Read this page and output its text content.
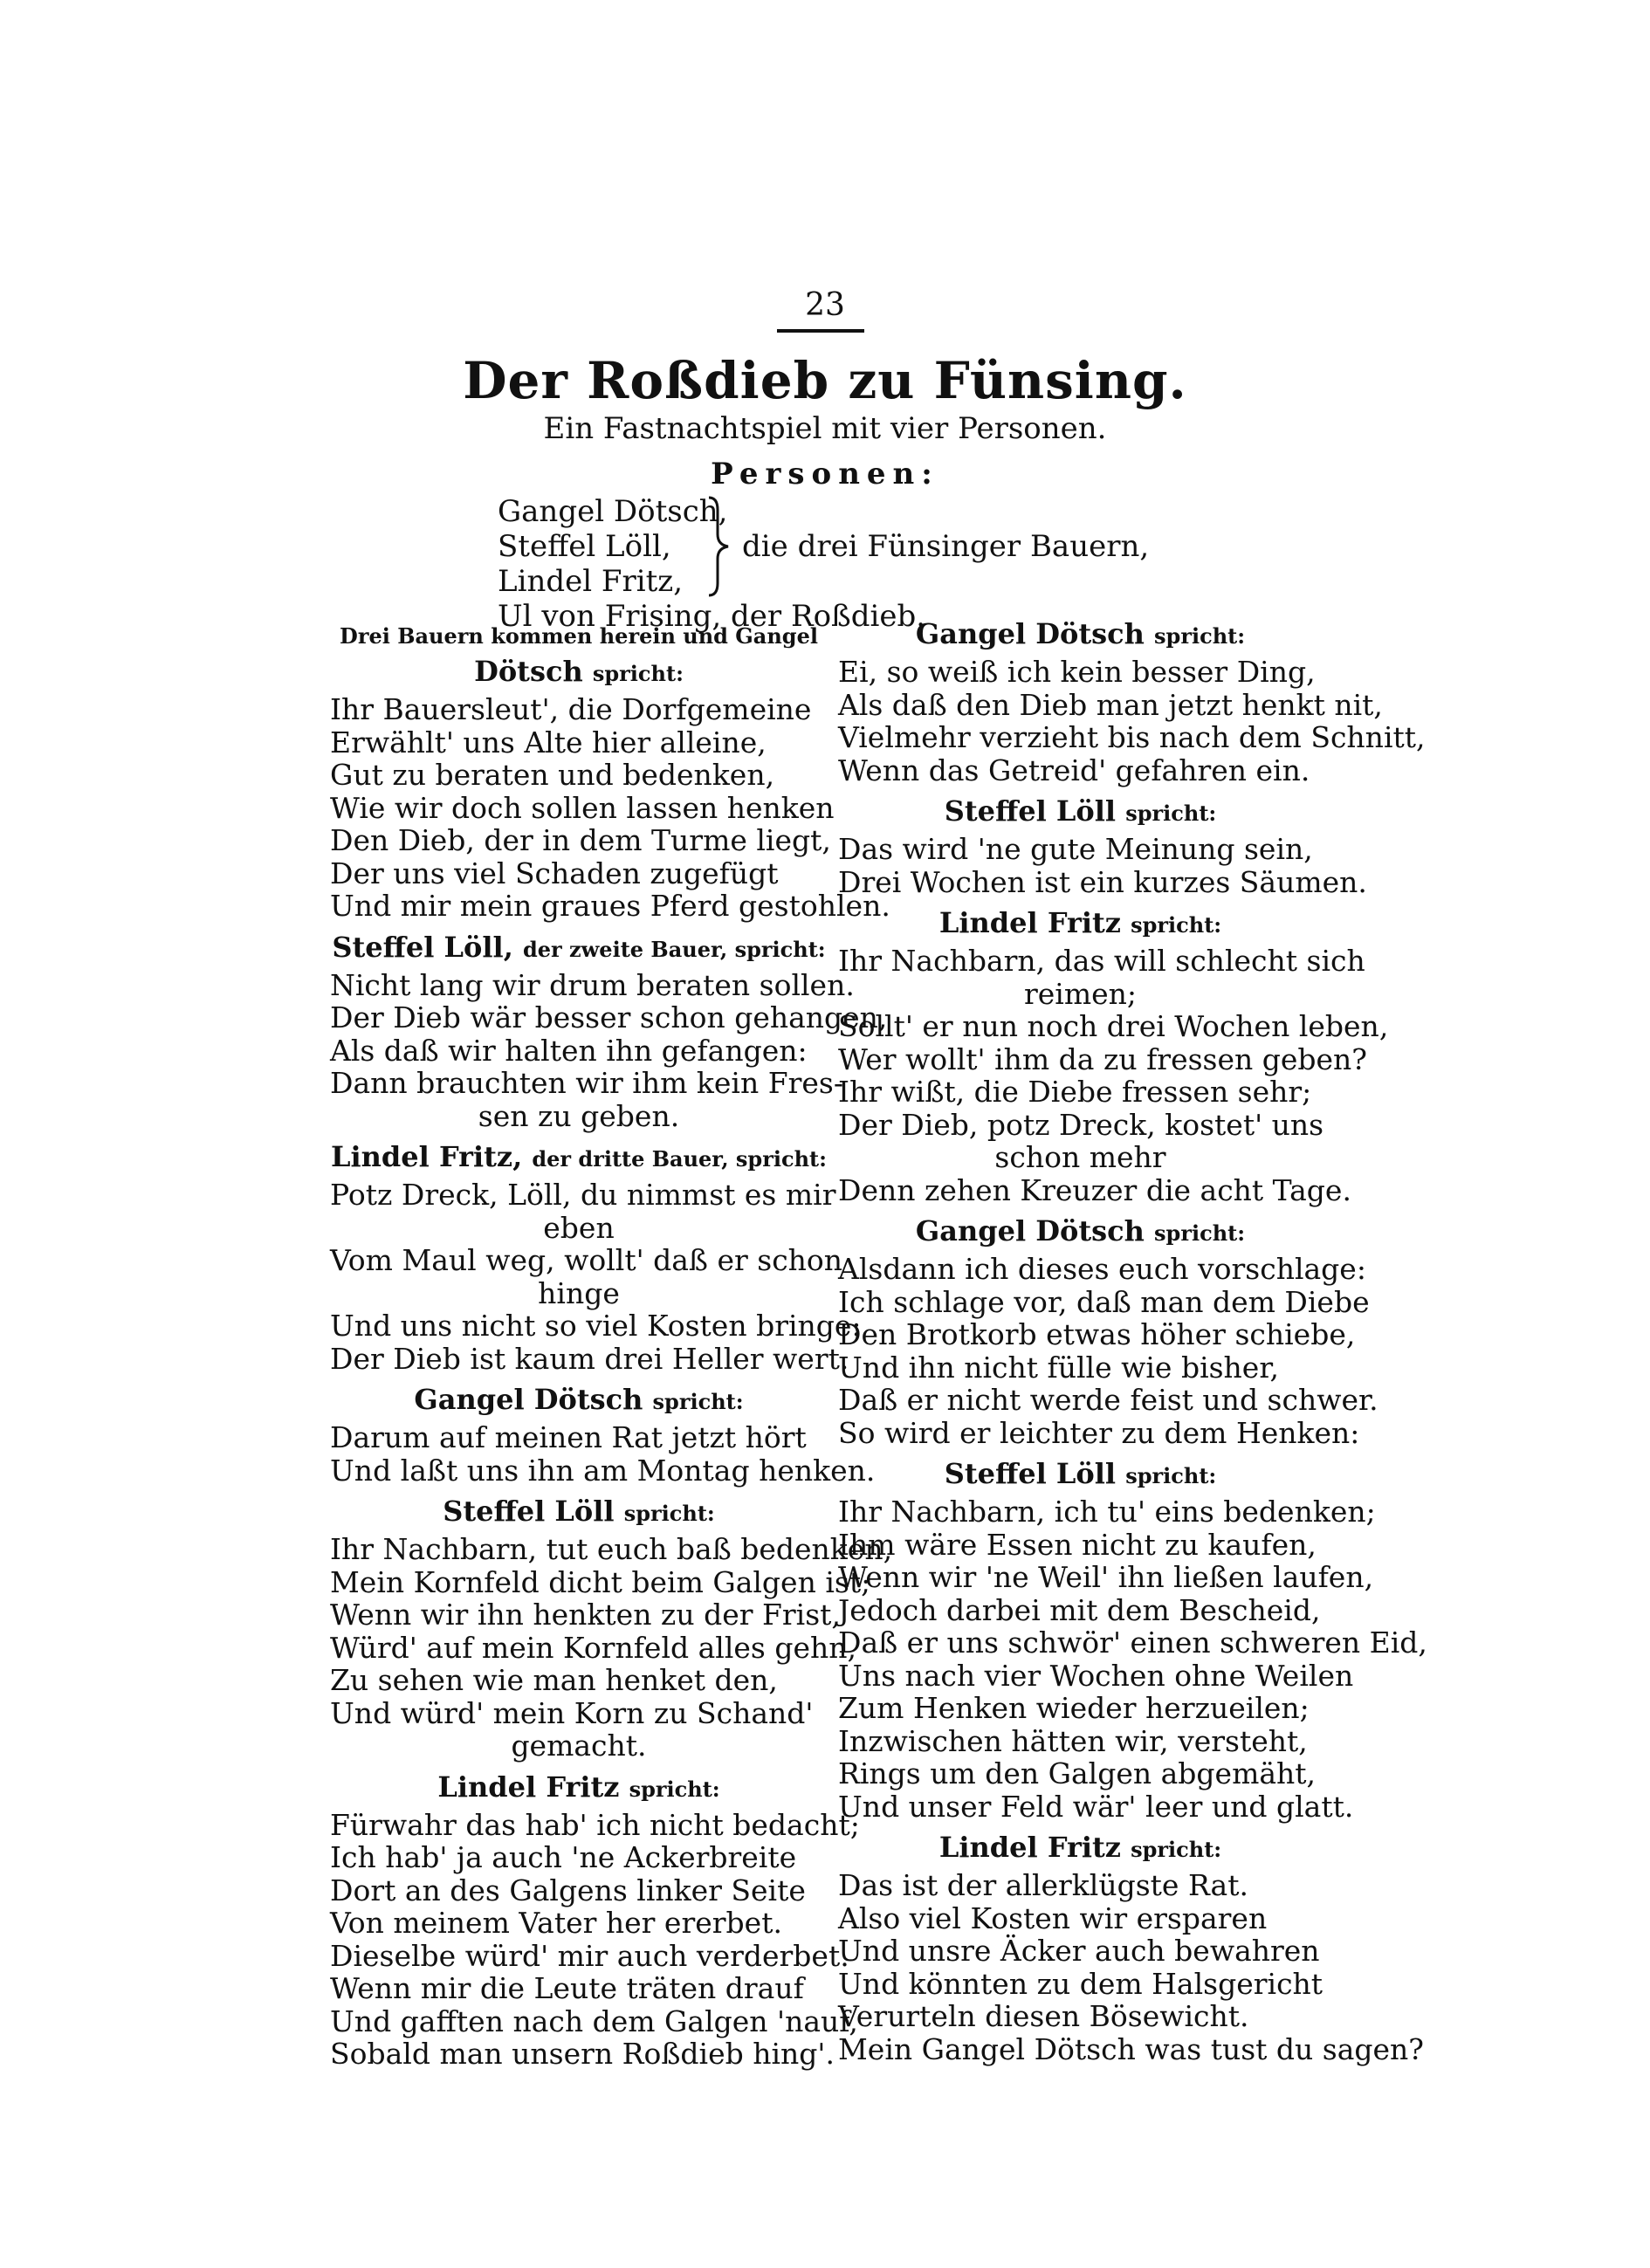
23
Der Roßdieb zu Fünsing.
Ein Fastnachtspiel mit vier Personen.
Personen:
Gangel Dötsch,
Steffel Löll,
Lindel Fritz,
die drei Fünsinger Bauern,
Ul von Frising, der Roßdieb.
Drei Bauern kommen herein und Gangel
Dötsch spricht:
Ihr Bauersleut', die Dorfgemeine
Erwählt' uns Alte hier alleine,
Gut zu beraten und bedenken,
Wie wir doch sollen lassen henken
Den Dieb, der in dem Turme liegt,
Der uns viel Schaden zugefügt
Und mir mein graues Pferd gestohlen.
Steffel Löll, der zweite Bauer, spricht:
Nicht lang wir drum beraten sollen.
Der Dieb wär besser schon gehangen,
Als daß wir halten ihn gefangen:
Dann brauchten wir ihm kein Fres-
sen zu geben.
Lindel Fritz, der dritte Bauer, spricht:
Potz Dreck, Löll, du nimmst es mir
eben
Vom Maul weg, wollt' daß er schon
hinge
Und uns nicht so viel Kosten bringe:
Der Dieb ist kaum drei Heller wert.
Gangel Dötsch spricht:
Darum auf meinen Rat jetzt hört
Und laßt uns ihn am Montag henken.
Steffel Löll spricht:
Ihr Nachbarn, tut euch baß bedenken,
Mein Kornfeld dicht beim Galgen ist;
Wenn wir ihn henkten zu der Frist,
Würd' auf mein Kornfeld alles gehn,
Zu sehen wie man henket den,
Und würd' mein Korn zu Schand'
gemacht.
Lindel Fritz spricht:
Fürwahr das hab' ich nicht bedacht;
Ich hab' ja auch 'ne Ackerbreite
Dort an des Galgens linker Seite
Von meinem Vater her ererbet.
Dieselbe würd' mir auch verderbet.
Wenn mir die Leute träten drauf
Und gafften nach dem Galgen 'nauf,
Sobald man unsern Roßdieb hing'.
Gangel Dötsch spricht:
Ei, so weiß ich kein besser Ding,
Als daß den Dieb man jetzt henkt nit,
Vielmehr verzieht bis nach dem Schnitt,
Wenn das Getreid' gefahren ein.
Steffel Löll spricht:
Das wird 'ne gute Meinung sein,
Drei Wochen ist ein kurzes Säumen.
Lindel Fritz spricht:
Ihr Nachbarn, das will schlecht sich
reimen;
Sollt' er nun noch drei Wochen leben,
Wer wollt' ihm da zu fressen geben?
Ihr wißt, die Diebe fressen sehr;
Der Dieb, potz Dreck, kostet' uns
schon mehr
Denn zehen Kreuzer die acht Tage.
Gangel Dötsch spricht:
Alsdann ich dieses euch vorschlage:
Ich schlage vor, daß man dem Diebe
Den Brotkorb etwas höher schiebe,
Und ihn nicht fülle wie bisher,
Daß er nicht werde feist und schwer.
So wird er leichter zu dem Henken:
Steffel Löll spricht:
Ihr Nachbarn, ich tu' eins bedenken;
Ihm wäre Essen nicht zu kaufen,
Wenn wir 'ne Weil' ihn ließen laufen,
Jedoch darbei mit dem Bescheid,
Daß er uns schwör' einen schweren Eid,
Uns nach vier Wochen ohne Weilen
Zum Henken wieder herzueilen;
Inzwischen hätten wir, versteht,
Rings um den Galgen abgemäht,
Und unser Feld wär' leer und glatt.
Lindel Fritz spricht:
Das ist der allerklügste Rat.
Also viel Kosten wir ersparen
Und unsre Äcker auch bewahren
Und könnten zu dem Halsgericht
Verurteln diesen Bösewicht.
Mein Gangel Dötsch was tust du sagen?
